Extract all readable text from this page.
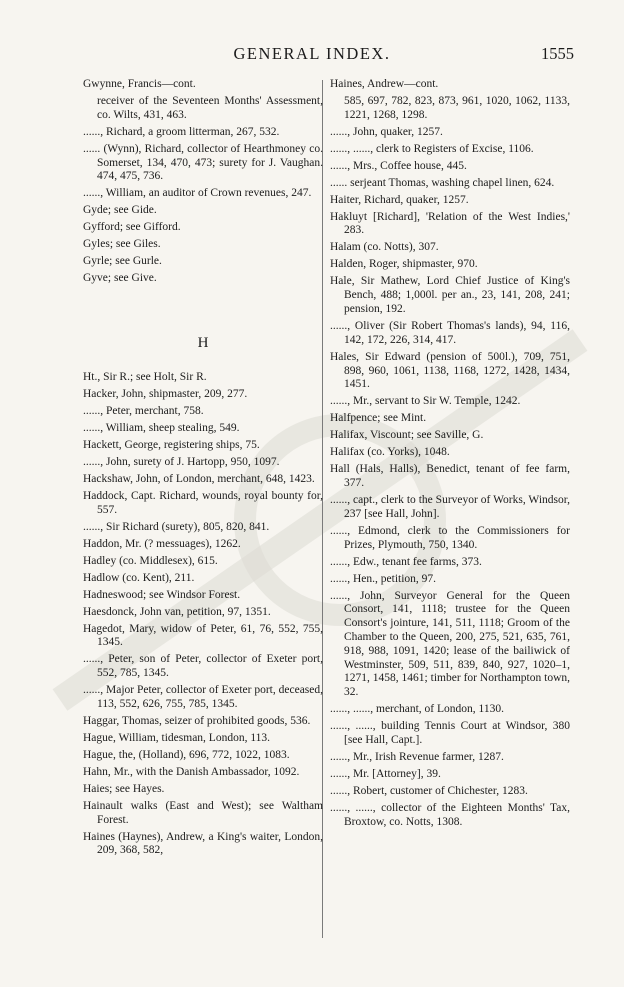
GENERAL INDEX.	1555
Gwynne, Francis—cont.
receiver of the Seventeen Months' Assessment, co. Wilts, 431, 463.
......, Richard, a groom litterman, 267, 532.
...... (Wynn), Richard, collector of Hearthmoney co. Somerset, 134, 470, 473; surety for J. Vaughan. 474, 475, 736.
......, William, an auditor of Crown revenues, 247.
Gyde; see Gide.
Gyfford; see Gifford.
Gyles; see Giles.
Gyrle; see Gurle.
Gyve; see Give.
H
Ht., Sir R.; see Holt, Sir R.
Hacker, John, shipmaster, 209, 277.
......, Peter, merchant, 758.
......, William, sheep stealing, 549.
Hackett, George, registering ships, 75.
......, John, surety of J. Hartopp, 950, 1097.
Hackshaw, John, of London, merchant, 648, 1423.
Haddock, Capt. Richard, wounds, royal bounty for, 557.
......, Sir Richard (surety), 805, 820, 841.
Haddon, Mr. (? messuages), 1262.
Hadley (co. Middlesex), 615.
Hadlow (co. Kent), 211.
Hadneswood; see Windsor Forest.
Haesdonck, John van, petition, 97, 1351.
Hagedot, Mary, widow of Peter, 61, 76, 552, 755, 1345.
......, Peter, son of Peter, collector of Exeter port, 552, 785, 1345.
......, Major Peter, collector of Exeter port, deceased, 113, 552, 626, 755, 785, 1345.
Haggar, Thomas, seizer of prohibited goods, 536.
Hague, William, tidesman, London, 113.
Hague, the, (Holland), 696, 772, 1022, 1083.
Hahn, Mr., with the Danish Ambassador, 1092.
Haies; see Hayes.
Hainault walks (East and West); see Waltham Forest.
Haines (Haynes), Andrew, a King's waiter, London, 209, 368, 582,
Haines, Andrew—cont.
585, 697, 782, 823, 873, 961, 1020, 1062, 1133, 1221, 1268, 1298.
......, John, quaker, 1257.
......, ......, clerk to Registers of Excise, 1106.
......, Mrs., Coffee house, 445.
...... serjeant Thomas, washing chapel linen, 624.
Haiter, Richard, quaker, 1257.
Hakluyt [Richard], 'Relation of the West Indies,' 283.
Halam (co. Notts), 307.
Halden, Roger, shipmaster, 970.
Hale, Sir Mathew, Lord Chief Justice of King's Bench, 488; 1,000l. per an., 23, 141, 208, 241; pension, 192.
......, Oliver (Sir Robert Thomas's lands), 94, 116, 142, 172, 226, 314, 417.
Hales, Sir Edward (pension of 500l.), 709, 751, 898, 960, 1061, 1138, 1168, 1272, 1428, 1434, 1451.
......, Mr., servant to Sir W. Temple, 1242.
Halfpence; see Mint.
Halifax, Viscount; see Saville, G.
Halifax (co. Yorks), 1048.
Hall (Hals, Halls), Benedict, tenant of fee farm, 377.
......, capt., clerk to the Surveyor of Works, Windsor, 237 [see Hall, John].
......, Edmond, clerk to the Commissioners for Prizes, Plymouth, 750, 1340.
......, Edw., tenant fee farms, 373.
......, Hen., petition, 97.
......, John, Surveyor General for the Queen Consort, 141, 1118; trustee for the Queen Consort's jointure, 141, 511, 1118; Groom of the Chamber to the Queen, 200, 275, 521, 635, 761, 918, 988, 1091, 1420; lease of the bailiwick of Westminster, 509, 511, 839, 840, 927, 1020–1, 1271, 1458, 1461; timber for Northampton town, 32.
......, ......, merchant, of London, 1130.
......, ......, building Tennis Court at Windsor, 380 [see Hall, Capt.].
......, Mr., Irish Revenue farmer, 1287.
......, Mr. [Attorney], 39.
......, Robert, customer of Chichester, 1283.
......, ......, collector of the Eighteen Months' Tax, Broxtow, co. Notts, 1308.
